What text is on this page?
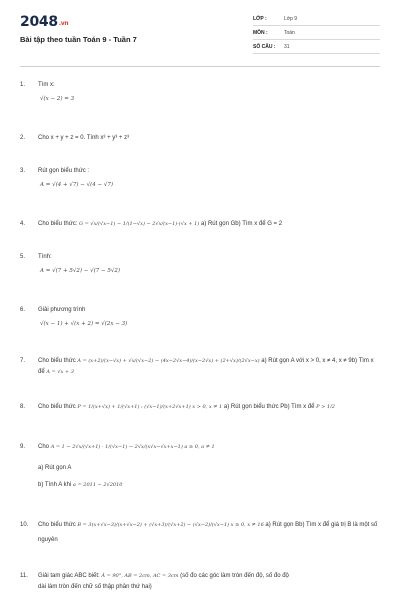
2048.vn
Bài tập theo tuần Toán 9 - Tuần 7
LỚP :	Lớp 9
MÔN :	Toán
SỐ CÂU : 31
1.	Tìm x:
√(x − 2) = 3
2.	Cho x + y + z = 0. Tính x³ + y³ + z³
3.	Rút gọn biểu thức :
A = √(4 + √7) − √(4 − √7)
4.	Cho biểu thức: G = √x/(√x−1) − 1/(1−√x) − 2√x/(x−1)·(√x + 1) a) Rút gọn Gb) Tìm x để G = 2
5.	Tính:
A = √(7 + 5√2) − √(7 − 5√2)
6.	Giải phương trình
√(x − 1) + √(x + 2) = √(2x − 3)
7.	Cho biểu thức A = (x+2)/(x−√x) + √x/(√x−2) − (4x−2√x−4)/(x−2√x) + (2+√x)/(2√x−x) a) Rút gọn A với x > 0, x ≠ 4, x ≠ 9b) Tìm x
để A = √x + 3
8.	Cho biểu thức P = 1/(x+√x) + 1/(√x+1) : (√x−1)/(x+2√x+1) x > 0, x ≠ 1 a) Rút gọn biểu thức Pb) Tìm x để P > 1/2
9.	Cho A = 1 − 2√x/(√x+1) · 1/(√x−1) − 2√x/(x√x−√x+x−1) a ≥ 0, a ≠ 1
a) Rút gọn A
b) Tính A khi a = 2011 − 2√2010
10.	Cho biểu thức B = 3(x+√x−3)/(x+√x−2) + (√x+3)/(√x+2) − (√x−2)/(√x−1) x ≥ 0, x ≠ 16 a) Rút gọn Bb) Tìm x để giá trị B là một số
nguyên
11.	Giải tam giác ABC biết: Â = 90°, AB = 2cm, AC = 3cm (số đo các góc làm tròn đến độ, số đo độ
dài làm tròn đến chữ số thập phân thứ hai)
